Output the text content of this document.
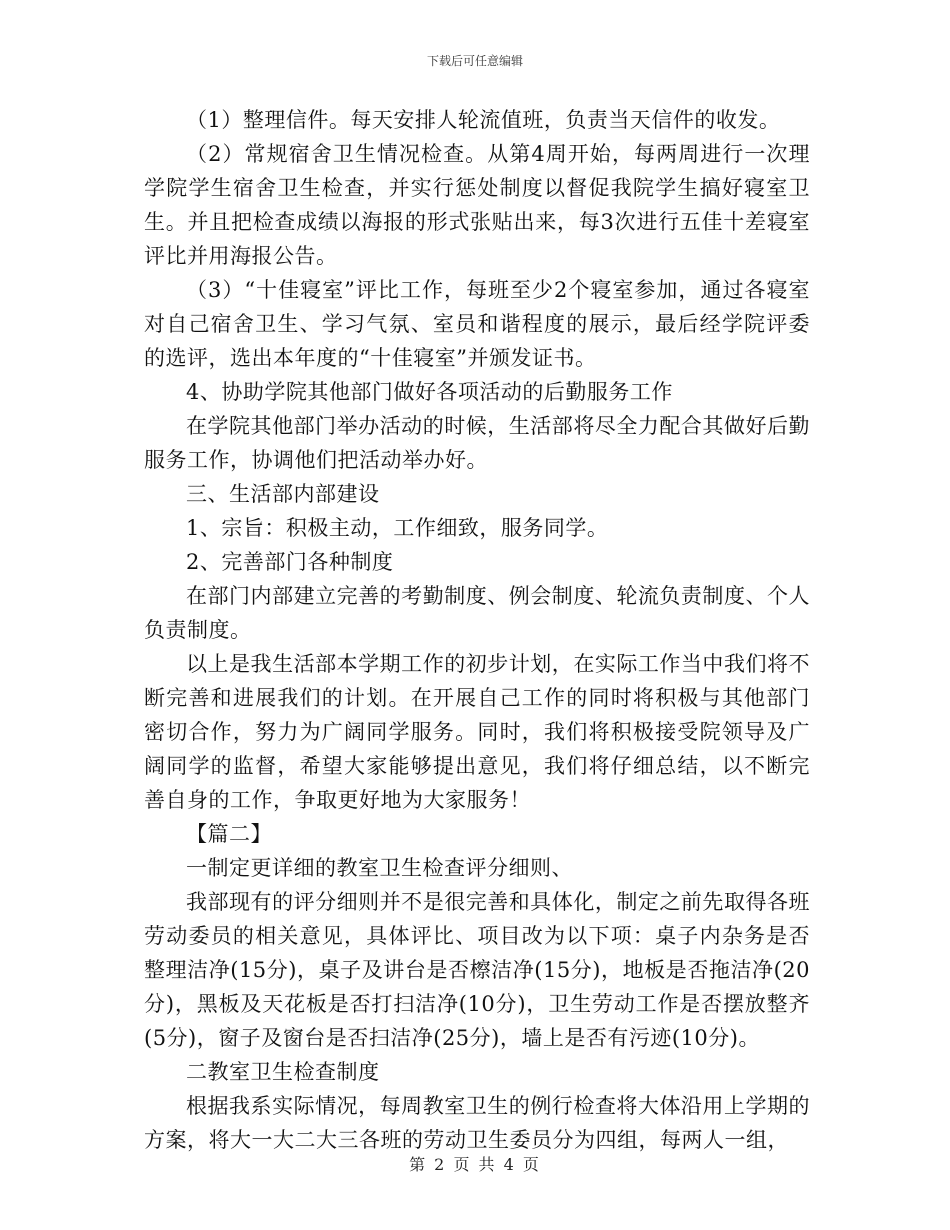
下载后可任意编辑

（1）整理信件。每天安排人轮流值班，负责当天信件的收发。

（2）常规宿舍卫生情况检查。从第4周开始，每两周进行一次理学院学生宿舍卫生检查，并实行惩处制度以督促我院学生搞好寝室卫生。并且把检查成绩以海报的形式张贴出来，每3次进行五佳十差寝室评比并用海报公告。

（3）“十佳寝室”评比工作，每班至少2个寝室参加，通过各寝室对自己宿舍卫生、学习气氛、室员和谐程度的展示，最后经学院评委的选评，选出本年度的“十佳寝室”并颁发证书。

4、协助学院其他部门做好各项活动的后勤服务工作

在学院其他部门举办活动的时候，生活部将尽全力配合其做好后勤服务工作，协调他们把活动举办好。

三、生活部内部建设

1、宗旨：积极主动，工作细致，服务同学。

2、完善部门各种制度

在部门内部建立完善的考勤制度、例会制度、轮流负责制度、个人负责制度。

以上是我生活部本学期工作的初步计划，在实际工作当中我们将不断完善和进展我们的计划。在开展自己工作的同时将积极与其他部门密切合作，努力为广阔同学服务。同时，我们将积极接受院领导及广阔同学的监督，希望大家能够提出意见，我们将仔细总结，以不断完善自身的工作，争取更好地为大家服务！

【篇二】

一制定更详细的教室卫生检查评分细则、

我部现有的评分细则并不是很完善和具体化，制定之前先取得各班劳动委员的相关意见，具体评比、项目改为以下项：桌子内杂务是否整理洁净(15分)，桌子及讲台是否檫洁净(15分)，地板是否拖洁净(20分)，黑板及天花板是否打扫洁净(10分)，卫生劳动工作是否摆放整齐(5分)，窗子及窗台是否扫洁净(25分)，墙上是否有污迹(10分)。

二教室卫生检查制度

根据我系实际情况，每周教室卫生的例行检查将大体沿用上学期的方案，将大一大二大三各班的劳动卫生委员分为四组，每两人一组，

第 2 页 共 4 页
